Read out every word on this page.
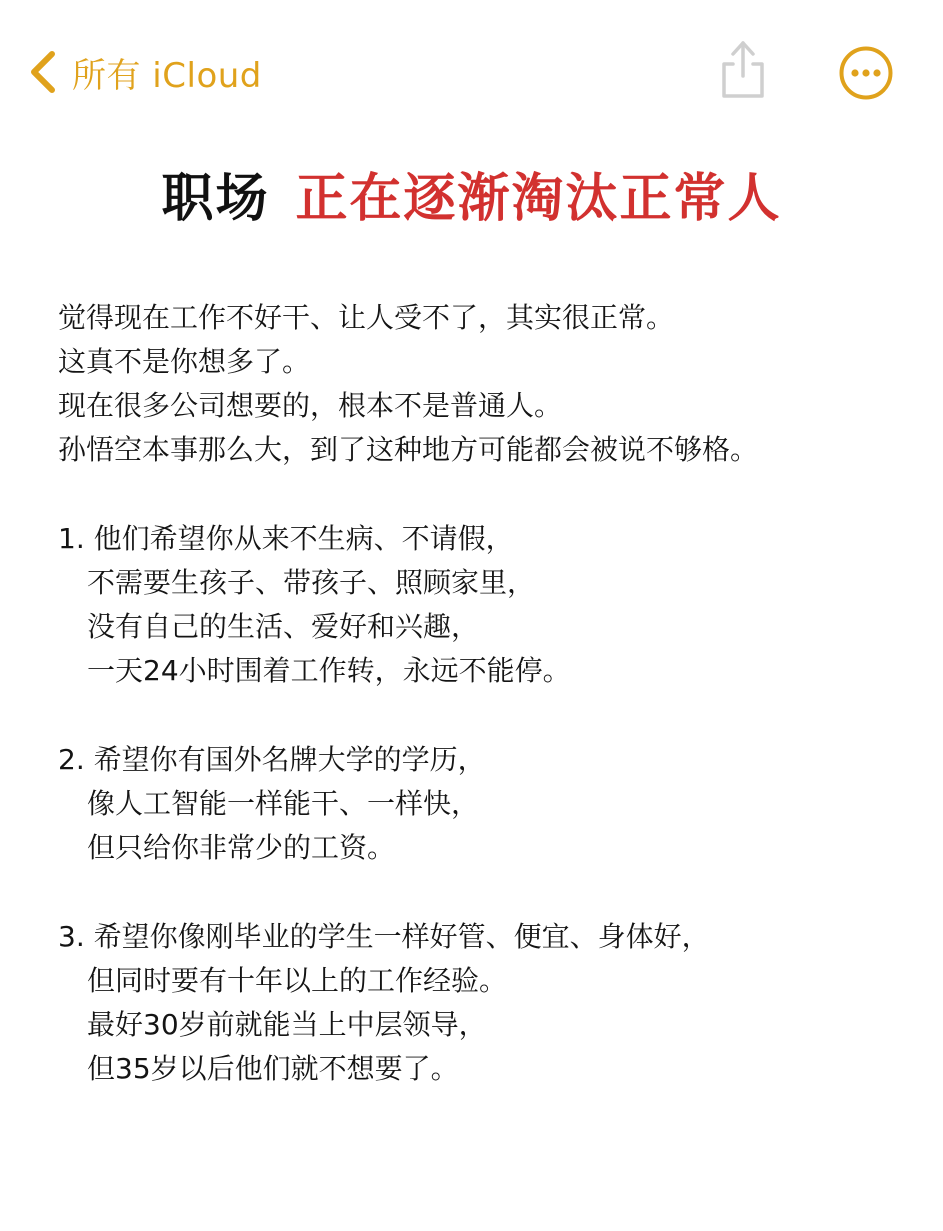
所有 iCloud
职场 正在逐渐淘汰正常人
觉得现在工作不好干、让人受不了，其实很正常。
这真不是你想多了。
现在很多公司想要的，根本不是普通人。
孙悟空本事那么大，到了这种地方可能都会被说不够格。
1. 他们希望你从来不生病、不请假，
不需要生孩子、带孩子、照顾家里，
没有自己的生活、爱好和兴趣，
一天24小时围着工作转，永远不能停。
2. 希望你有国外名牌大学的学历，
像人工智能一样能干、一样快，
但只给你非常少的工资。
3. 希望你像刚毕业的学生一样好管、便宜、身体好，
但同时要有十年以上的工作经验。
最好30岁前就能当上中层领导，
但35岁以后他们就不想要了。
